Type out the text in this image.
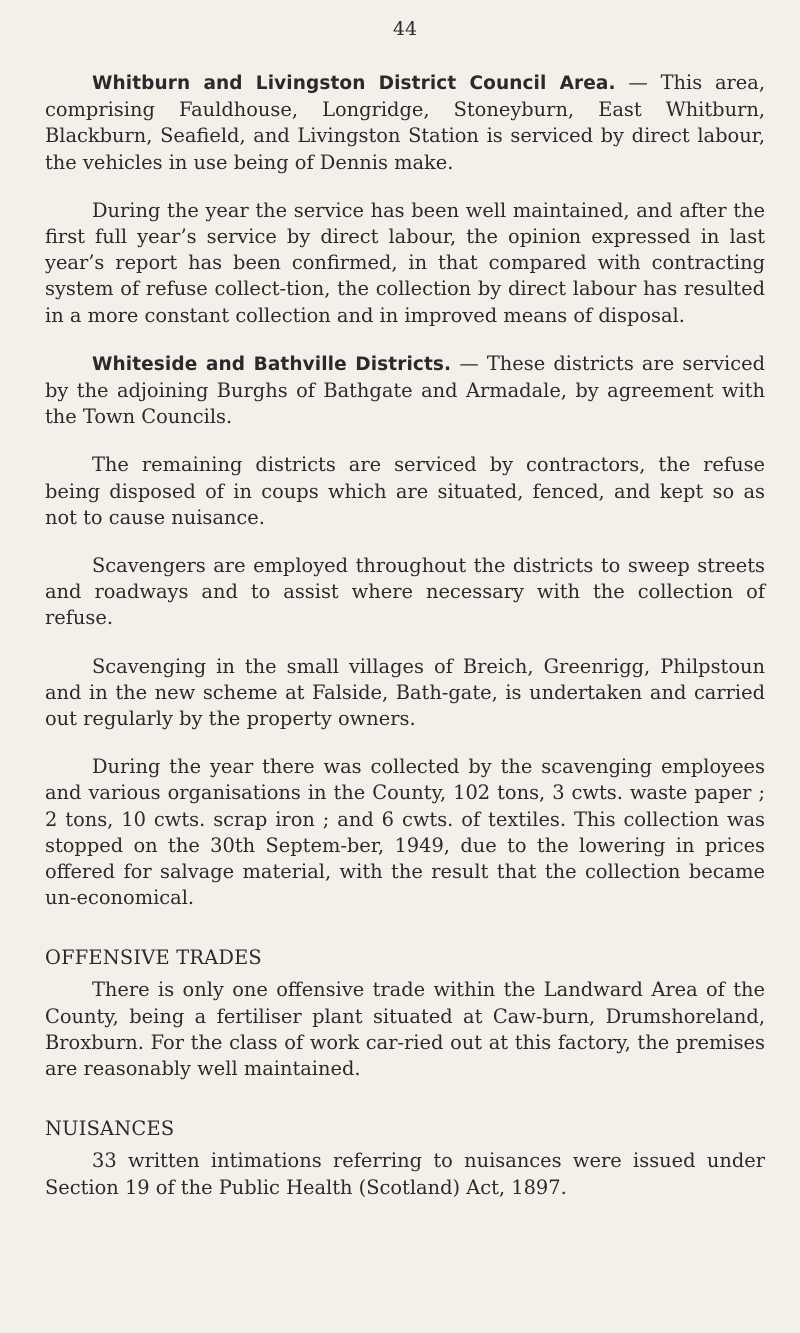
44

Whitburn and Livingston District Council Area. — This area, comprising Fauldhouse, Longridge, Stoneyburn, East Whitburn, Blackburn, Seafield, and Livingston Station is serviced by direct labour, the vehicles in use being of Dennis make.

During the year the service has been well maintained, and after the first full year’s service by direct labour, the opinion expressed in last year’s report has been confirmed, in that compared with contracting system of refuse collect-tion, the collection by direct labour has resulted in a more constant collection and in improved means of disposal.

Whiteside and Bathville Districts. — These districts are serviced by the adjoining Burghs of Bathgate and Armadale, by agreement with the Town Councils.

The remaining districts are serviced by contractors, the refuse being disposed of in coups which are situated, fenced, and kept so as not to cause nuisance.

Scavengers are employed throughout the districts to sweep streets and roadways and to assist where necessary with the collection of refuse.

Scavenging in the small villages of Breich, Greenrigg, Philpstoun and in the new scheme at Falside, Bath-gate, is undertaken and carried out regularly by the property owners.

During the year there was collected by the scavenging employees and various organisations in the County, 102 tons, 3 cwts. waste paper ; 2 tons, 10 cwts. scrap iron ; and 6 cwts. of textiles. This collection was stopped on the 30th Septem-ber, 1949, due to the lowering in prices offered for salvage material, with the result that the collection became un-economical.

OFFENSIVE TRADES

There is only one offensive trade within the Landward Area of the County, being a fertiliser plant situated at Caw-burn, Drumshoreland, Broxburn. For the class of work car-ried out at this factory, the premises are reasonably well maintained.

NUISANCES

33 written intimations referring to nuisances were issued under Section 19 of the Public Health (Scotland) Act, 1897.
